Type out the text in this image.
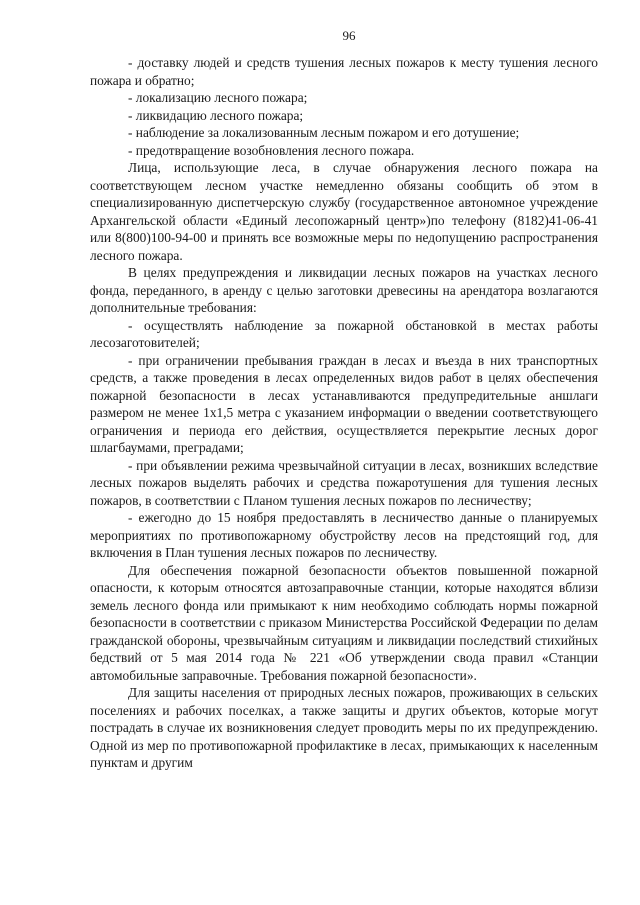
96

- доставку людей и средств тушения лесных пожаров к месту тушения лесного пожара и обратно;

- локализацию лесного пожара;

- ликвидацию лесного пожара;

- наблюдение за локализованным лесным пожаром и его дотушение;

- предотвращение возобновления лесного пожара.

Лица, использующие леса, в случае обнаружения лесного пожара на соответствующем лесном участке немедленно обязаны сообщить об этом в специализированную диспетчерскую службу (государственное автономное учреждение Архангельской области «Единый лесопожарный центр»)по телефону (8182)41-06-41 или 8(800)100-94-00 и принять все возможные меры по недопущению распространения лесного пожара.

В целях предупреждения и ликвидации лесных пожаров на участках лесного фонда, переданного, в аренду с целью заготовки древесины на арендатора возлагаются дополнительные требования:

- осуществлять наблюдение за пожарной обстановкой в местах работы лесозаготовителей;

- при ограничении пребывания граждан в лесах и въезда в них транспортных средств, а также проведения в лесах определенных видов работ в целях обеспечения пожарной безопасности в лесах устанавливаются предупредительные аншлаги размером не менее 1х1,5 метра с указанием информации о введении соответствующего ограничения и периода его действия, осуществляется перекрытие лесных дорог шлагбаумами, преградами;

- при объявлении режима чрезвычайной ситуации в лесах, возникших вследствие лесных пожаров выделять рабочих и средства пожаротушения для тушения лесных пожаров, в соответствии с Планом тушения лесных пожаров по лесничеству;

- ежегодно до 15 ноября предоставлять в лесничество данные о планируемых мероприятиях по противопожарному обустройству лесов на предстоящий год, для включения в План тушения лесных пожаров по лесничеству.

Для обеспечения пожарной безопасности объектов повышенной пожарной опасности, к которым относятся автозаправочные станции, которые находятся вблизи земель лесного фонда или примыкают к ним необходимо соблюдать нормы пожарной безопасности в соответствии с приказом Министерства Российской Федерации по делам гражданской обороны, чрезвычайным ситуациям и ликвидации последствий стихийных бедствий от 5 мая 2014 года № 221 «Об утверждении свода правил «Станции автомобильные заправочные. Требования пожарной безопасности».

Для защиты населения от природных лесных пожаров, проживающих в сельских поселениях и рабочих поселках, а также защиты и других объектов, которые могут пострадать в случае их возникновения следует проводить меры по их предупреждению. Одной из мер по противопожарной профилактике в лесах, примыкающих к населенным пунктам и другим
